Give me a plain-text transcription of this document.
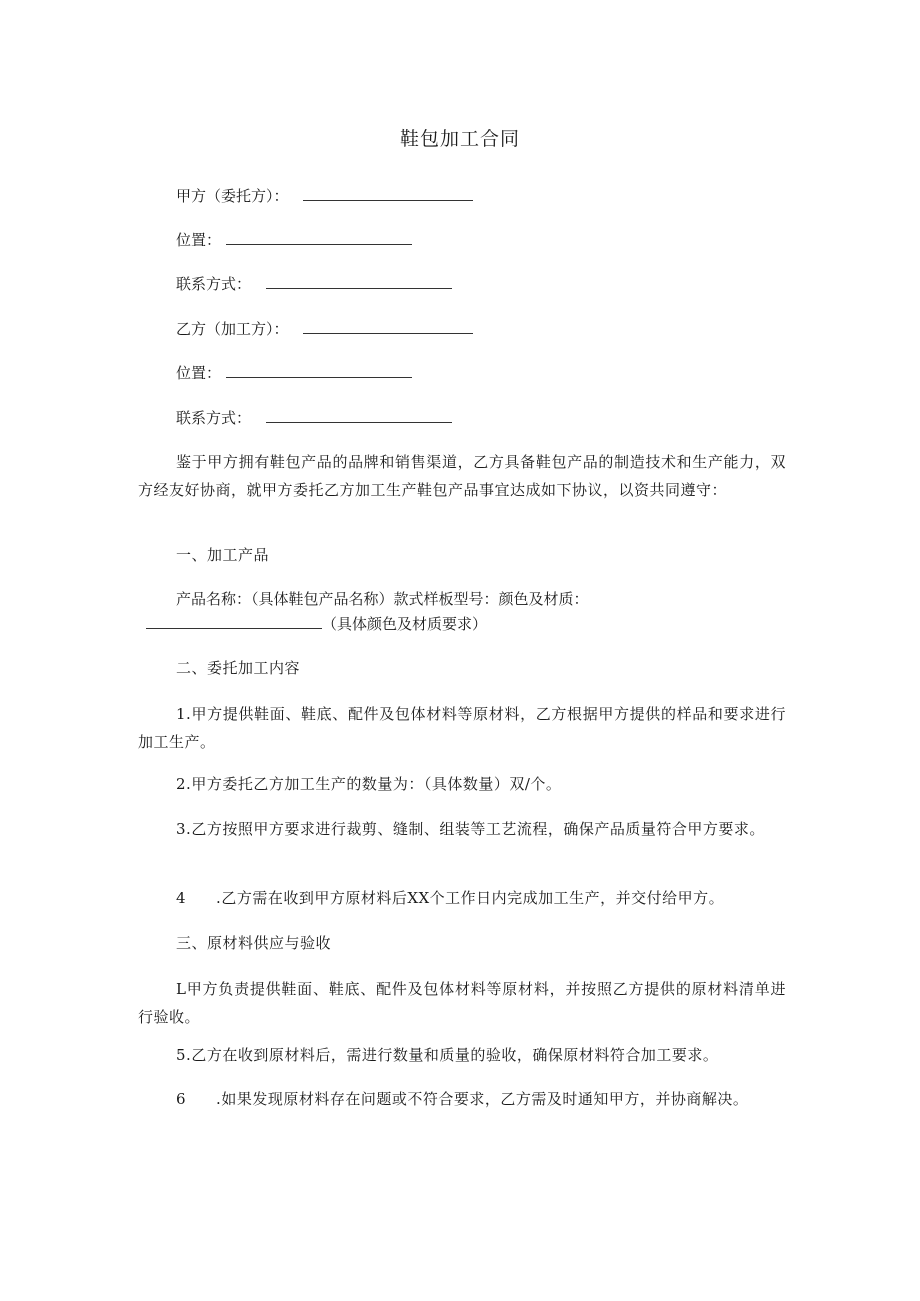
鞋包加工合同
甲方（委托方）：
位置：
联系方式：
乙方（加工方）：
位置：
联系方式：
鉴于甲方拥有鞋包产品的品牌和销售渠道，乙方具备鞋包产品的制造技术和生产能力，双方经友好协商，就甲方委托乙方加工生产鞋包产品事宜达成如下协议，以资共同遵守：
一、加工产品
产品名称：（具体鞋包产品名称）款式样板型号：颜色及材质：
（具体颜色及材质要求）
二、委托加工内容
1.甲方提供鞋面、鞋底、配件及包体材料等原材料，乙方根据甲方提供的样品和要求进行加工生产。
2.甲方委托乙方加工生产的数量为：（具体数量）双/个。
3.乙方按照甲方要求进行裁剪、缝制、组装等工艺流程，确保产品质量符合甲方要求。
4 .乙方需在收到甲方原材料后XX个工作日内完成加工生产，并交付给甲方。
三、原材料供应与验收
L甲方负责提供鞋面、鞋底、配件及包体材料等原材料，并按照乙方提供的原材料清单进行验收。
5.乙方在收到原材料后，需进行数量和质量的验收，确保原材料符合加工要求。
6 .如果发现原材料存在问题或不符合要求，乙方需及时通知甲方，并协商解决。
